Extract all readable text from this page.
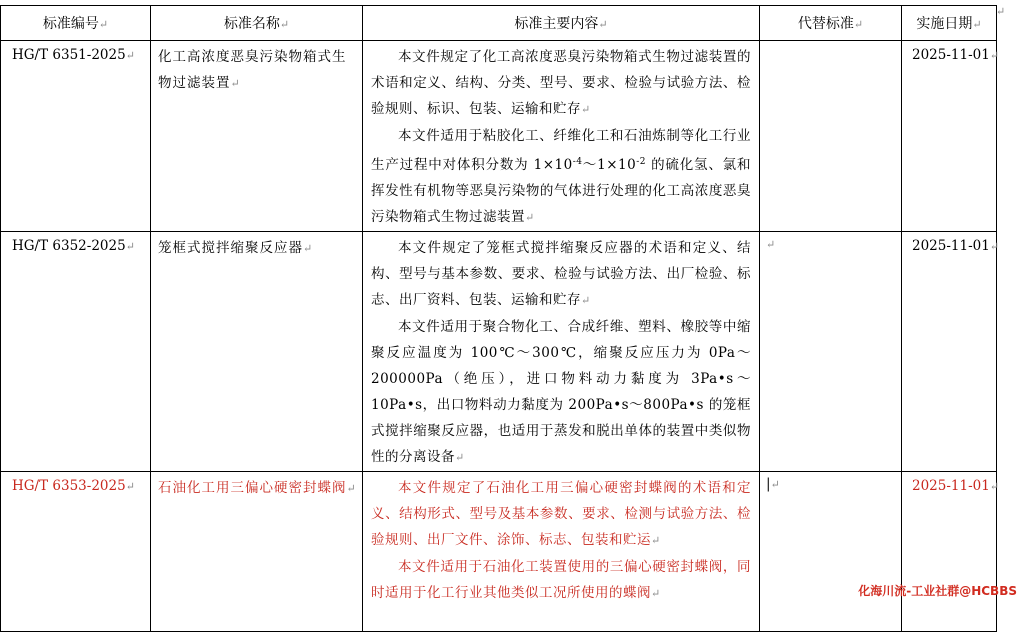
标准编号↵	标准名称↵	标准主要内容↵	代替标准↵	实施日期↵
HG/T 6351-2025↵	化工高浓度恶臭污染物箱式生物过滤装置↵	本文件规定了化工高浓度恶臭污染物箱式生物过滤装置的术语和定义、结构、分类、型号、要求、检验与试验方法、检验规则、标识、包装、运输和贮存↵

本文件适用于粘胶化工、纤维化工和石油炼制等化工行业生产过程中对体积分数为 $1\times 10^{-4}\sim 1\times 10^{-2}$ 的硫化氢、氯和挥发性有机物等恶臭污染物的气体进行处理的化工高浓度恶臭污染物箱式生物过滤装置↵		2025-11-01↵
HG/T 6352-2025↵	笼框式搅拌缩聚反应器↵	本文件规定了笼框式搅拌缩聚反应器的术语和定义、结构、型号与基本参数、要求、检验与试验方法、出厂检验、标志、出厂资料、包装、运输和贮存↵

本文件适用于聚合物化工、合成纤维、塑料、橡胶等中缩聚反应温度为 100℃～300℃，缩聚反应压力为 0Pa～200000Pa（绝压），进口物料动力黏度为 3Pa•s～10Pa•s，出口物料动力黏度为 200Pa•s～800Pa•s 的笼框式搅拌缩聚反应器，也适用于蒸发和脱出单体的装置中类似物性的分离设备↵	↵	2025-11-01↵
HG/T 6353-2025↵	石油化工用三偏心硬密封蝶阀↵	本文件规定了石油化工用三偏心硬密封蝶阀的术语和定义、结构形式、型号及基本参数、要求、检测与试验方法、检验规则、出厂文件、涂饰、标志、包装和贮运↵

本文件适用于石油化工装置使用的三偏心硬密封蝶阀，同时适用于化工行业其他类似工况所使用的蝶阀↵	|↵	2025-11-01↵
↵
化海川流-工业社群@HCBBS
